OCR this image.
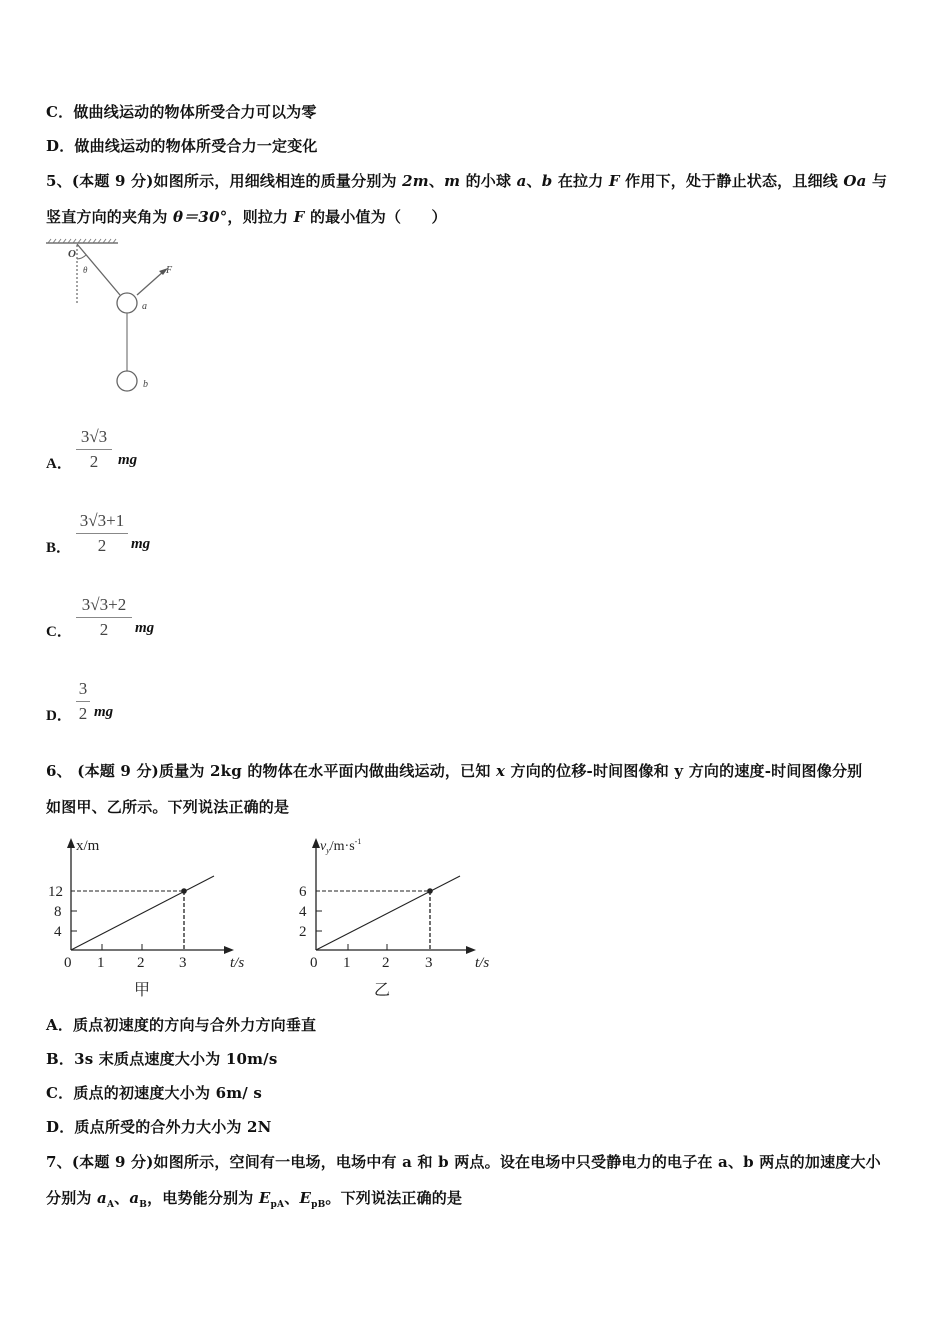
C．做曲线运动的物体所受合力可以为零
D．做曲线运动的物体所受合力一定变化
5、(本题 9 分)如图所示，用细线相连的质量分别为 2m、m 的小球 a、b 在拉力 F 作用下，处于静止状态，且细线 Oa 与
竖直方向的夹角为 θ＝30°，则拉力 F 的最小值为（　　）
O
θ	F
a
b
A．
3√3
2	mg
B．
3√3+1
2	mg
C．
3√3+2
2	mg
D．
3
2 mg
6、 (本题 9 分)质量为 2kg 的物体在水平面内做曲线运动，已知 x 方向的位移-时间图像和 y 方向的速度-时间图像分别
如图甲、乙所示。下列说法正确的是
x/m
12
8
4
0 1 2 3	t/s
甲
$v_y/m\cdot s^{-1}$
6
4
2
0 1 2 3	t/s
乙
A．质点初速度的方向与合外力方向垂直
B．3s 末质点速度大小为 10m/s
C．质点的初速度大小为 6m/ s
D．质点所受的合外力大小为 2N
7、(本题 9 分)如图所示，空间有一电场，电场中有 a 和 b 两点。设在电场中只受静电力的电子在 a、b 两点的加速度大小
分别为 $a_A$、$a_B$，电势能分别为 $E_{pA}$、$E_{pB}$。下列说法正确的是
